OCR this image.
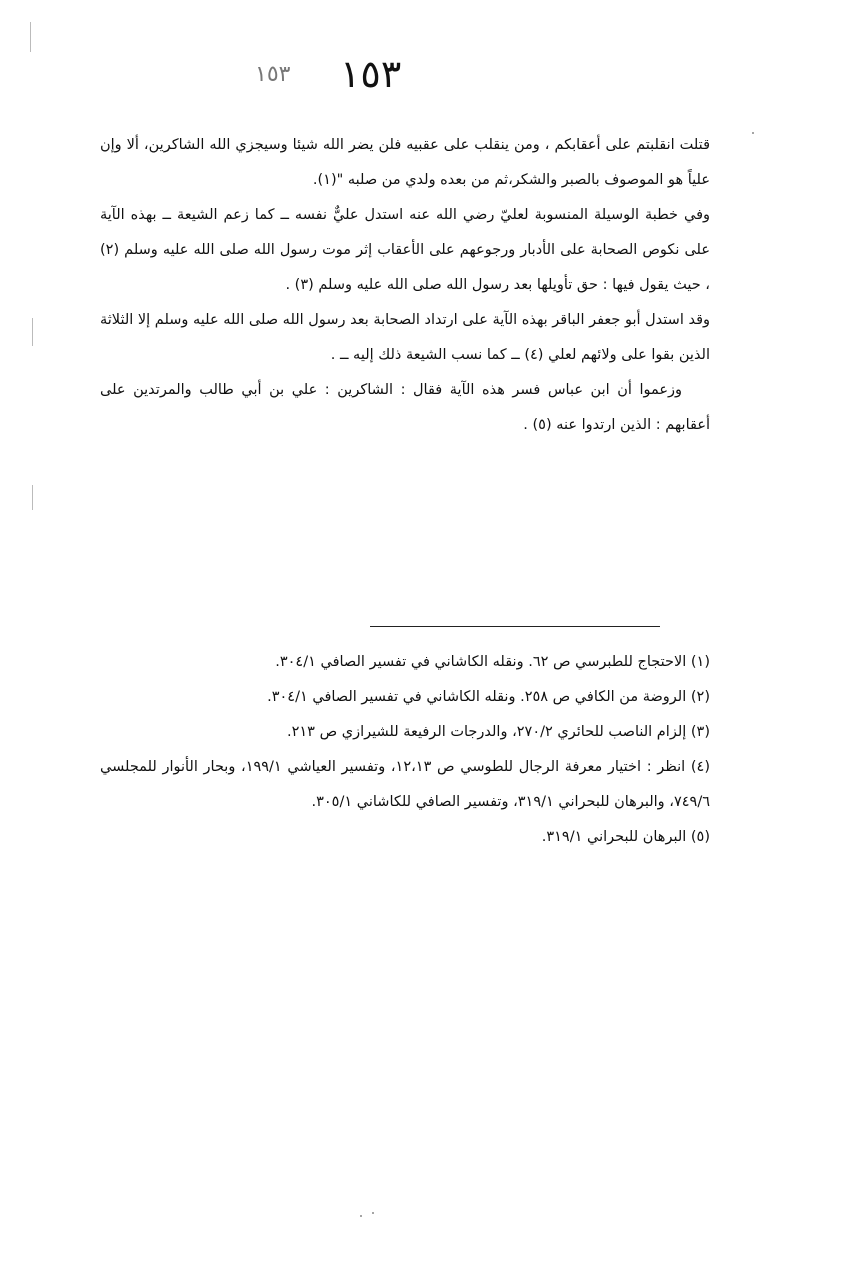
١٥٣
١٥٣

قتلت انقلبتم على أعقابكم ، ومن ينقلب على عقبيه فلن يضر الله شيئا وسيجزي الله الشاكرين، ألا وإن علياً هو الموصوف بالصبر والشكر،ثم من بعده ولدي من صلبه "(١).

وفي خطبة الوسيلة المنسوبة لعليّ رضي الله عنه استدل عليٌّ نفسه ــ كما زعم الشيعة ــ بهذه الآية على نكوص الصحابة على الأدبار ورجوعهم على الأعقاب إثر موت رسول الله صلى الله عليه وسلم (٢) ، حيث يقول فيها : حق تأويلها بعد رسول الله صلى الله عليه وسلم (٣) .

وقد استدل أبو جعفر الباقر بهذه الآية على ارتداد الصحابة بعد رسول الله صلى الله عليه وسلم إلا الثلاثة الذين بقوا على ولائهم لعلي (٤) ــ كما نسب الشيعة ذلك إليه ــ .

وزعموا أن ابن عباس فسر هذه الآية فقال : الشاكرين : علي بن أبي طالب والمرتدين على أعقابهم : الذين ارتدوا عنه (٥) .

(١) الاحتجاج للطبرسي ص ٦٢. ونقله الكاشاني في تفسير الصافي ٣٠٤/١.

(٢) الروضة من الكافي ص ٢٥٨. ونقله الكاشاني في تفسير الصافي ٣٠٤/١.

(٣) إلزام الناصب للحائري ٢٧٠/٢، والدرجات الرفيعة للشيرازي ص ٢١٣.

(٤) انظر : اختيار معرفة الرجال للطوسي ص ١٢،١٣، وتفسير العياشي ١٩٩/١، وبحار الأنوار للمجلسي ٧٤٩/٦، والبرهان للبحراني ٣١٩/١، وتفسير الصافي للكاشاني ٣٠٥/١.

(٥) البرهان للبحراني ٣١٩/١.
